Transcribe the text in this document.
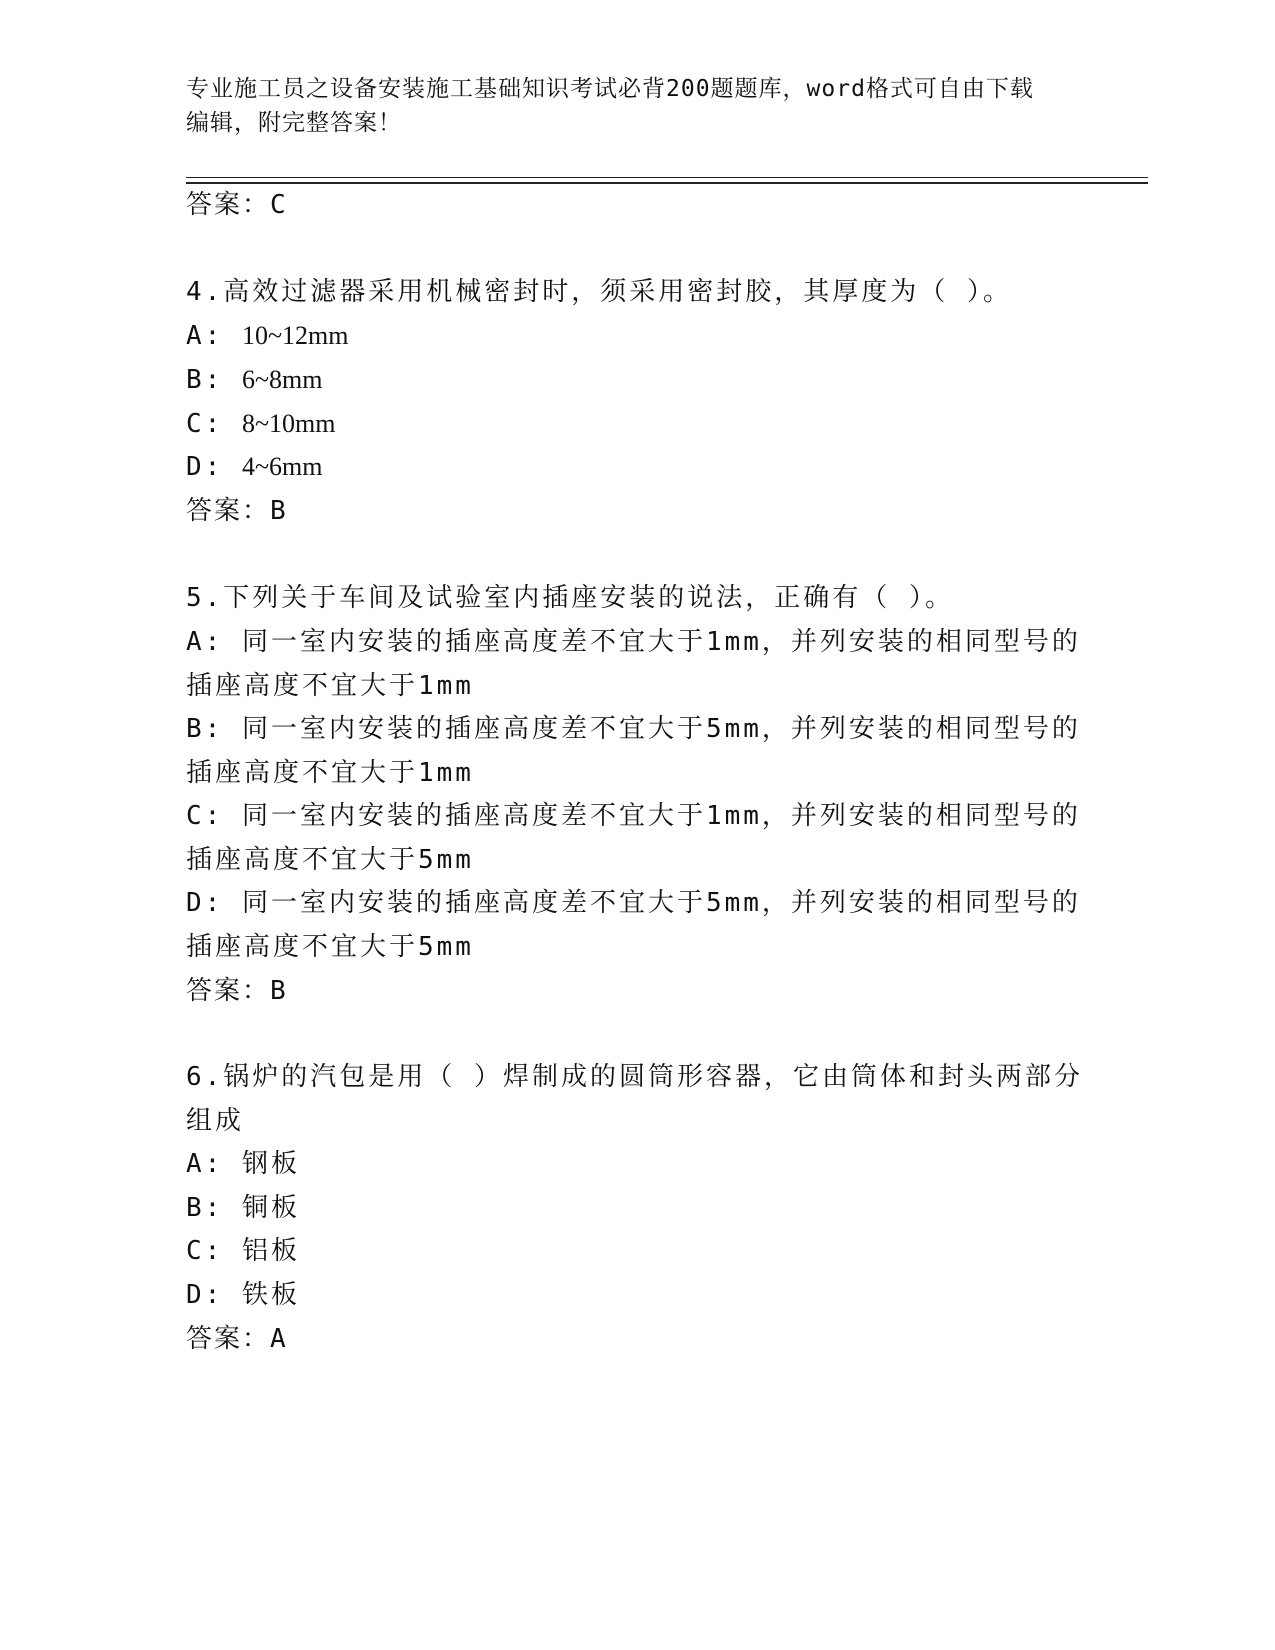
专业施工员之设备安装施工基础知识考试必背200题题库，word格式可自由下载
编辑，附完整答案！
答案：C
4.高效过滤器采用机械密封时，须采用密封胶，其厚度为（ ）。
A: 10~12mm
B: 6~8mm
C: 8~10mm
D: 4~6mm
答案：B
5.下列关于车间及试验室内插座安装的说法，正确有（ ）。
A: 同一室内安装的插座高度差不宜大于1mm，并列安装的相同型号的
插座高度不宜大于1mm
B: 同一室内安装的插座高度差不宜大于5mm，并列安装的相同型号的
插座高度不宜大于1mm
C: 同一室内安装的插座高度差不宜大于1mm，并列安装的相同型号的
插座高度不宜大于5mm
D: 同一室内安装的插座高度差不宜大于5mm，并列安装的相同型号的
插座高度不宜大于5mm
答案：B
6.锅炉的汽包是用（ ）焊制成的圆筒形容器，它由筒体和封头两部分
组成
A: 钢板
B: 铜板
C: 铝板
D: 铁板
答案：A
